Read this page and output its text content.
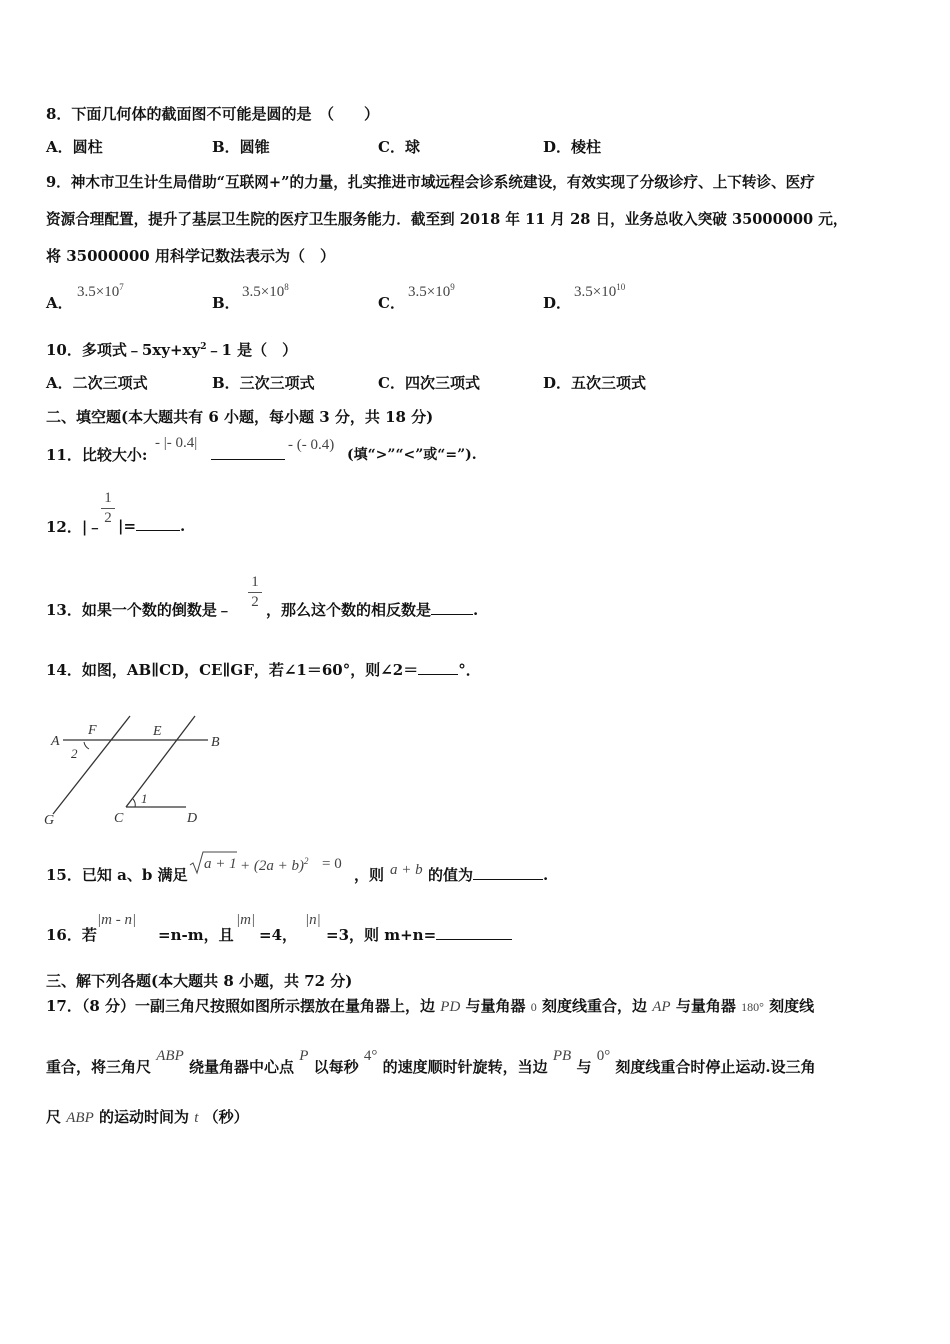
8．下面几何体的截面图不可能是圆的是　（　　）
A．圆柱	B．圆锥	C．球	D．棱柱
9．神木市卫生计生局借助“互联网+”的力量，扎实推进市域远程会诊系统建设，有效实现了分级诊疗、上下转诊、医疗
资源合理配置，提升了基层卫生院的医疗卫生服务能力．截至到 2018 年 11 月 28 日，业务总收入突破 35000000 元，
将 35000000 用科学记数法表示为（　）
A．
$3.5\times 10^7$
B．
$3.5\times 10^8$
C．
$3.5\times 10^9$
D．
$3.5\times 10^{10}$
10．多项式$﹣5xy+xy^2﹣1$ 是（　）
A．二次三项式	B．三次三项式	C．四次三项式	D．五次三项式
二、填空题(本大题共有 6 小题，每小题 3 分，共 18 分)
11．比较大小:
- |- 0.4|	- (- 0.4)
(填“>”“<”或“=”).
12．|﹣
1
2 |=	.
13．如果一个数的倒数是﹣
1
2 ，那么这个数的相反数是	.
14．如图，AB∥CD，CE∥GF，若∠1＝60°，则∠2＝	°．
A
F	E
B
2
1
G	C	D
15．已知 a、b 满足
$a + 1 + (2a + b)^2 = 0$
，则 a + b 的值为	.
16．若
|m - n|
=n-m，且
|m|
=4，
|n|
=3，则 m+n=
三、解下列各题(本大题共 8 小题，共 72 分)
17．（8 分）一副三角尺按照如图所示摆放在量角器上，边 PD 与量角器 0 刻度线重合，边 AP 与量角器 180° 刻度线
重合，将三角尺 ABP 绕量角器中心点 P 以每秒 4° 的速度顺时针旋转，当边 PB 与 0° 刻度线重合时停止运动.设三角
尺 ABP 的运动时间为 t （秒）
